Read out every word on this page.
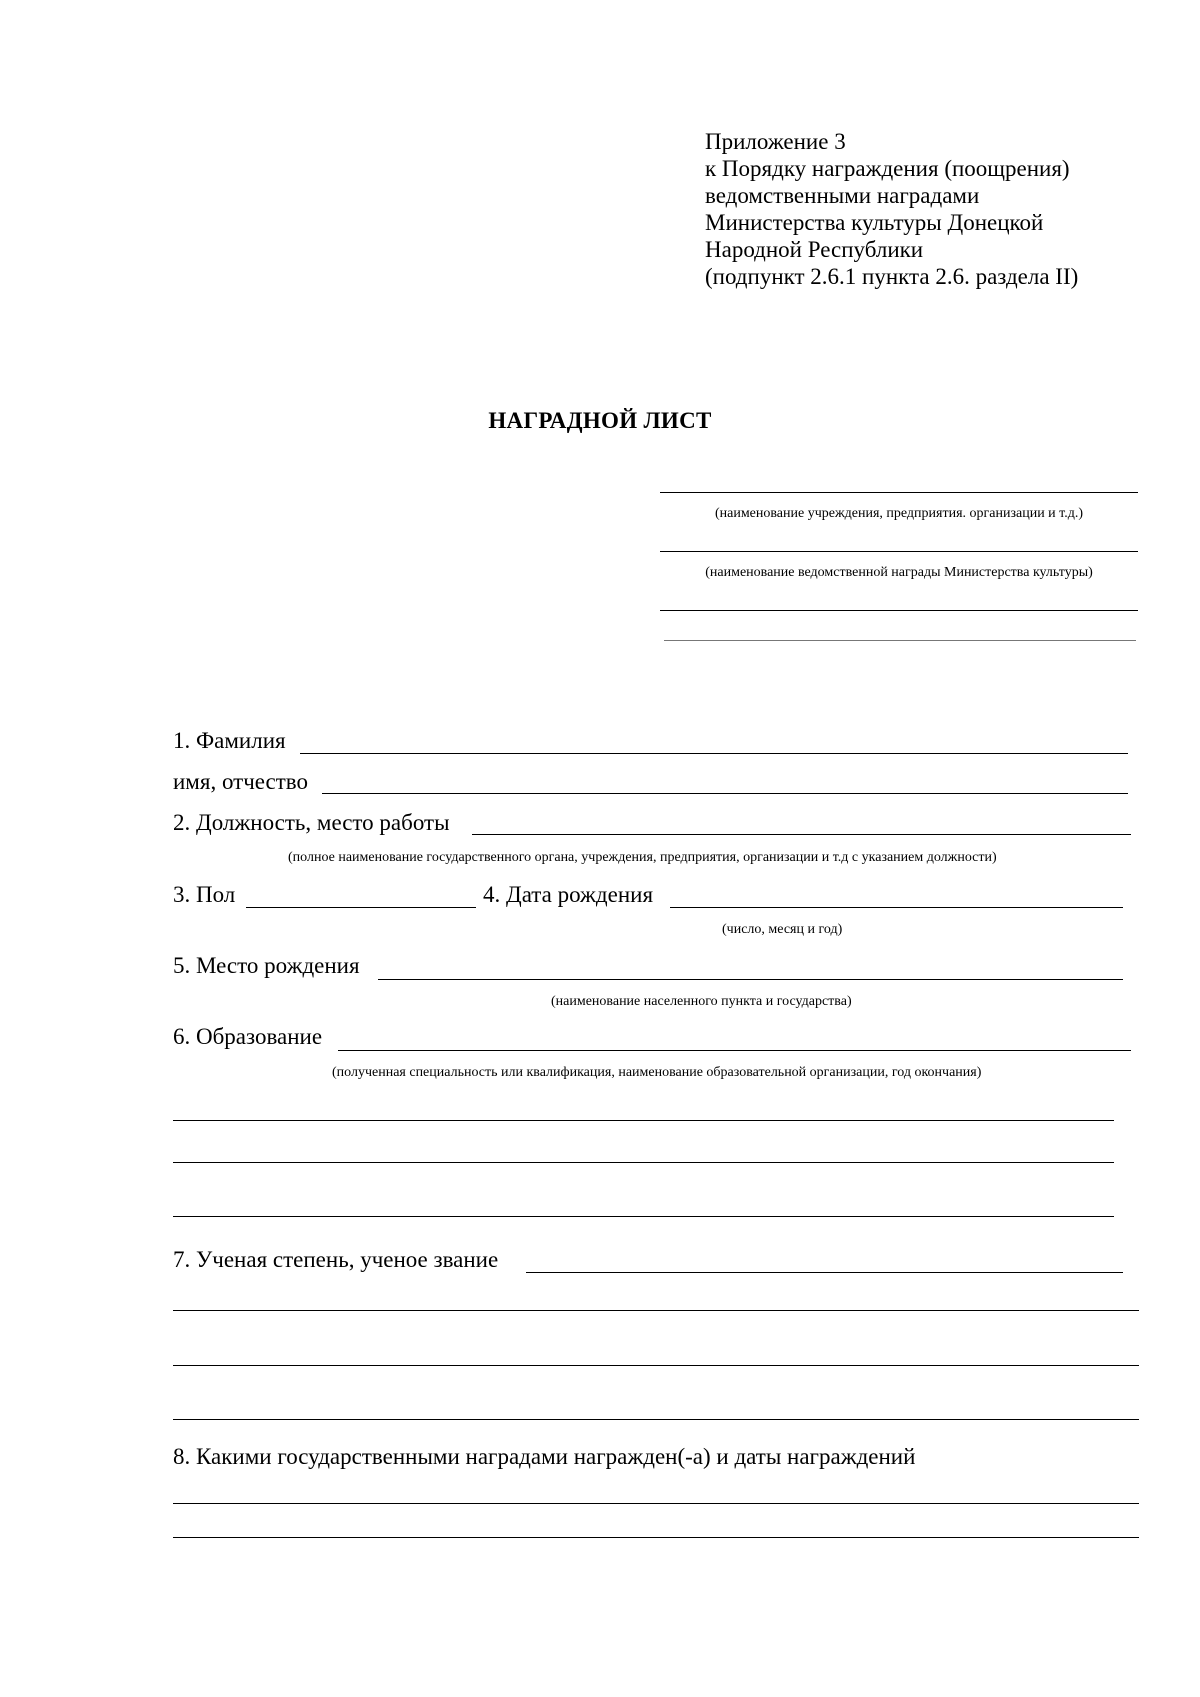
Приложение 3
к Порядку награждения (поощрения)
ведомственными наградами
Министерства культуры Донецкой
Народной Республики
(подпункт 2.6.1 пункта 2.6. раздела II)
НАГРАДНОЙ ЛИСТ
(наименование учреждения, предприятия. организации и т.д.)
(наименование ведомственной награды Министерства культуры)
1. Фамилия
имя, отчество
2. Должность, место работы
(полное наименование государственного органа, учреждения, предприятия, организации и т.д с указанием должности)
3. Пол	4. Дата рождения
(число, месяц и год)
5. Место рождения
(наименование населенного пункта и государства)
6. Образование
(полученная специальность или квалификация, наименование образовательной организации, год окончания)
7. Ученая степень, ученое звание
8. Какими государственными наградами награжден(-а) и даты награждений
